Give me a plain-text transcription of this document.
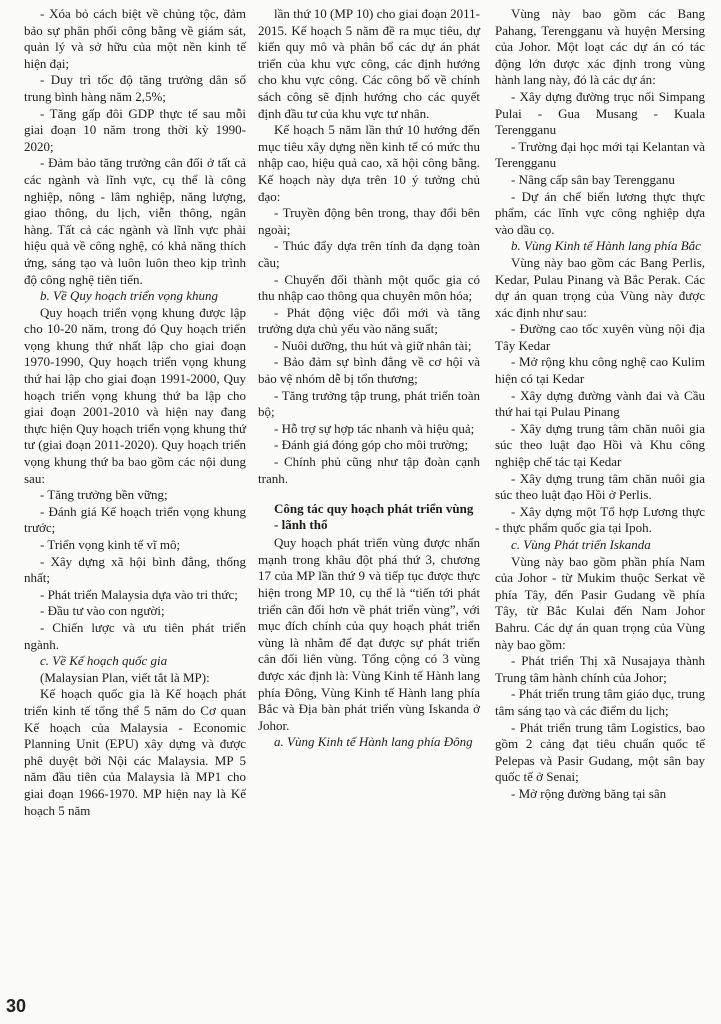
- Xóa bỏ cách biệt về chủng tộc, đảm bảo sự phân phối công bằng về giám sát, quản lý và sở hữu của một nền kinh tế hiện đại;

- Duy trì tốc độ tăng trưởng dân số trung bình hàng năm 2,5%;

- Tăng gấp đôi GDP thực tế sau mỗi giai đoạn 10 năm trong thời kỳ 1990-2020;

- Đảm bảo tăng trưởng cân đối ở tất cả các ngành và lĩnh vực, cụ thể là công nghiệp, nông - lâm nghiệp, năng lượng, giao thông, du lịch, viễn thông, ngân hàng. Tất cả các ngành và lĩnh vực phải hiệu quả về công nghệ, có khả năng thích ứng, sáng tạo và luôn luôn theo kịp trình độ công nghệ tiên tiến.

b. Về Quy hoạch triển vọng khung

Quy hoạch triển vọng khung được lập cho 10-20 năm, trong đó Quy hoạch triển vọng khung thứ nhất lập cho giai đoạn 1970-1990, Quy hoạch triển vọng khung thứ hai lập cho giai đoạn 1991-2000, Quy hoạch triển vọng khung thứ ba lập cho giai đoạn 2001-2010 và hiện nay đang thực hiện Quy hoạch triển vọng khung thứ tư (giai đoạn 2011-2020). Quy hoạch triển vọng khung thứ ba bao gồm các nội dung sau:

- Tăng trưởng bền vững;

- Đánh giá Kế hoạch triển vọng khung trước;

- Triển vọng kinh tế vĩ mô;

- Xây dựng xã hội bình đẳng, thống nhất;

- Phát triển Malaysia dựa vào tri thức;

- Đầu tư vào con người;

- Chiến lược và ưu tiên phát triển ngành.

c. Về Kế hoạch quốc gia

(Malaysian Plan, viết tắt là MP):

Kế hoạch quốc gia là Kế hoạch phát triển kinh tế tổng thể 5 năm do Cơ quan Kế hoạch của Malaysia - Economic Planning Unit (EPU) xây dựng và được phê duyệt bởi Nội các Malaysia. MP 5 năm đầu tiên của Malaysia là MP1 cho giai đoạn 1966-1970. MP hiện nay là Kế hoạch 5 năm

lần thứ 10 (MP 10) cho giai đoạn 2011-2015. Kế hoạch 5 năm đề ra mục tiêu, dự kiến quy mô và phân bổ các dự án phát triển của khu vực công, các định hướng cho khu vực công. Các công bố về chính sách công sẽ định hướng cho các quyết định đầu tư của khu vực tư nhân.

Kế hoạch 5 năm lần thứ 10 hướng đến mục tiêu xây dựng nền kinh tế có mức thu nhập cao, hiệu quả cao, xã hội công bằng. Kế hoạch này dựa trên 10 ý tưởng chủ đạo:

- Truyền động bên trong, thay đổi bên ngoài;

- Thúc đẩy dựa trên tính đa dạng toàn cầu;

- Chuyển đổi thành một quốc gia có thu nhập cao thông qua chuyên môn hóa;

- Phát động việc đổi mới và tăng trưởng dựa chủ yếu vào năng suất;

- Nuôi dưỡng, thu hút và giữ nhân tài;

- Bảo đảm sự bình đẳng về cơ hội và bảo vệ nhóm dễ bị tổn thương;

- Tăng trưởng tập trung, phát triển toàn bộ;

- Hỗ trợ sự hợp tác nhanh và hiệu quả;

- Đánh giá đóng góp cho môi trường;

- Chính phủ cũng như tập đoàn cạnh tranh.

Công tác quy hoạch phát triển vùng - lãnh thổ

Quy hoạch phát triển vùng được nhấn mạnh trong khâu đột phá thứ 3, chương 17 của MP lần thứ 9 và tiếp tục được thực hiện trong MP 10, cụ thể là “tiến tới phát triển cân đối hơn về phát triển vùng”, với mục đích chính của quy hoạch phát triển vùng là nhằm để đạt được sự phát triển cân đối liên vùng. Tổng cộng có 3 vùng được xác định là: Vùng Kinh tế Hành lang phía Đông, Vùng Kinh tế Hành lang phía Bắc và Địa bàn phát triển vùng Iskanda ở Johor.

a. Vùng Kinh tế Hành lang phía Đông

Vùng này bao gồm các Bang Pahang, Terengganu và huyện Mersing của Johor. Một loạt các dự án có tác động lớn được xác định trong vùng hành lang này, đó là các dự án:

- Xây dựng đường trục nối Simpang Pulai - Gua Musang - Kuala Terengganu

- Trường đại học mới tại Kelantan và Terengganu

- Nâng cấp sân bay Terengganu

- Dự án chế biến lương thực thực phẩm, các lĩnh vực công nghiệp dựa vào dầu cọ.

b. Vùng Kinh tế Hành lang phía Bắc

Vùng này bao gồm các Bang Perlis, Kedar, Pulau Pinang và Bắc Perak. Các dự án quan trọng của Vùng này được xác định như sau:

- Đường cao tốc xuyên vùng nội địa Tây Kedar

- Mở rộng khu công nghệ cao Kulim hiện có tại Kedar

- Xây dựng đường vành đai và Cầu thứ hai tại Pulau Pinang

- Xây dựng trung tâm chăn nuôi gia súc theo luật đạo Hồi và Khu công nghiệp chế tác tại Kedar

- Xây dựng trung tâm chăn nuôi gia súc theo luật đạo Hồi ở Perlis.

- Xây dựng một Tổ hợp Lương thực - thực phẩm quốc gia tại Ipoh.

c. Vùng Phát triển Iskanda

Vùng này bao gồm phần phía Nam của Johor - từ Mukim thuộc Serkat về phía Tây, đến Pasir Gudang về phía Tây, từ Bắc Kulai đến Nam Johor Bahru. Các dự án quan trọng của Vùng này bao gồm:

- Phát triển Thị xã Nusajaya thành Trung tâm hành chính của Johor;

- Phát triển trung tâm giáo dục, trung tâm sáng tạo và các điểm du lịch;

- Phát triển trung tâm Logistics, bao gồm 2 cảng đạt tiêu chuẩn quốc tế Pelepas và Pasir Gudang, một sân bay quốc tế ở Senai;

- Mở rộng đường băng tại sân

30
